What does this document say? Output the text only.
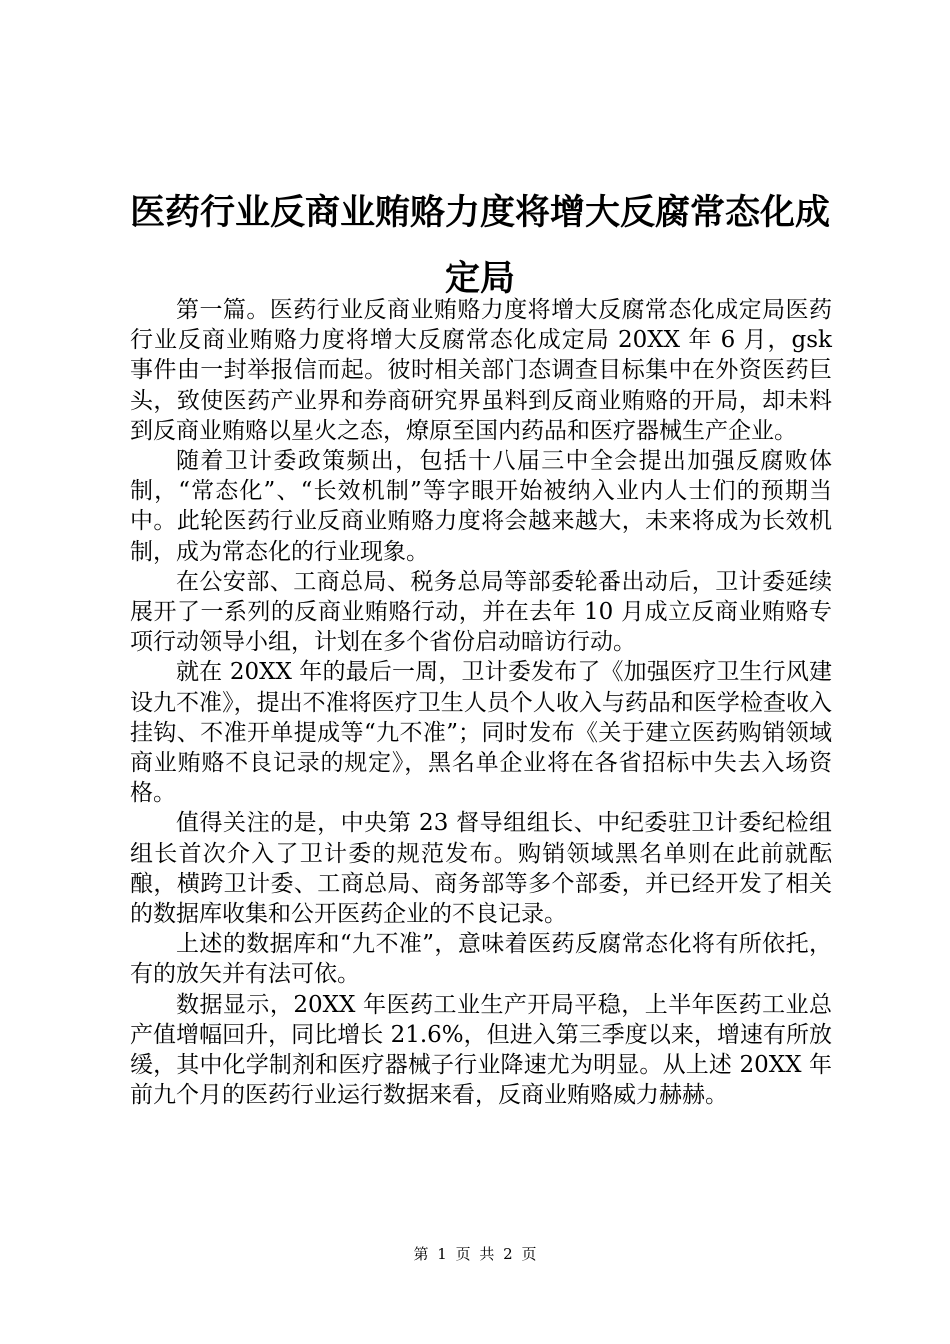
医药行业反商业贿赂力度将增大反腐常态化成定局

第一篇。医药行业反商业贿赂力度将增大反腐常态化成定局医药行业反商业贿赂力度将增大反腐常态化成定局 20XX 年 6 月，gsk 事件由一封举报信而起。彼时相关部门态调查目标集中在外资医药巨头，致使医药产业界和券商研究界虽料到反商业贿赂的开局，却未料到反商业贿赂以星火之态，燎原至国内药品和医疗器械生产企业。

随着卫计委政策频出，包括十八届三中全会提出加强反腐败体制，“常态化”、“长效机制”等字眼开始被纳入业内人士们的预期当中。此轮医药行业反商业贿赂力度将会越来越大，未来将成为长效机制，成为常态化的行业现象。

在公安部、工商总局、税务总局等部委轮番出动后，卫计委延续展开了一系列的反商业贿赂行动，并在去年 10 月成立反商业贿赂专项行动领导小组，计划在多个省份启动暗访行动。

就在 20XX 年的最后一周，卫计委发布了《加强医疗卫生行风建设九不准》，提出不准将医疗卫生人员个人收入与药品和医学检查收入挂钩、不准开单提成等“九不准”；同时发布《关于建立医药购销领域商业贿赂不良记录的规定》，黑名单企业将在各省招标中失去入场资格。

值得关注的是，中央第 23 督导组组长、中纪委驻卫计委纪检组组长首次介入了卫计委的规范发布。购销领域黑名单则在此前就酝酿，横跨卫计委、工商总局、商务部等多个部委，并已经开发了相关的数据库收集和公开医药企业的不良记录。

上述的数据库和“九不准”，意味着医药反腐常态化将有所依托，有的放矢并有法可依。

数据显示，20XX 年医药工业生产开局平稳，上半年医药工业总产值增幅回升，同比增长 21.6%，但进入第三季度以来，增速有所放缓，其中化学制剂和医疗器械子行业降速尤为明显。从上述 20XX 年前九个月的医药行业运行数据来看，反商业贿赂威力赫赫。

第 1 页 共 2 页
